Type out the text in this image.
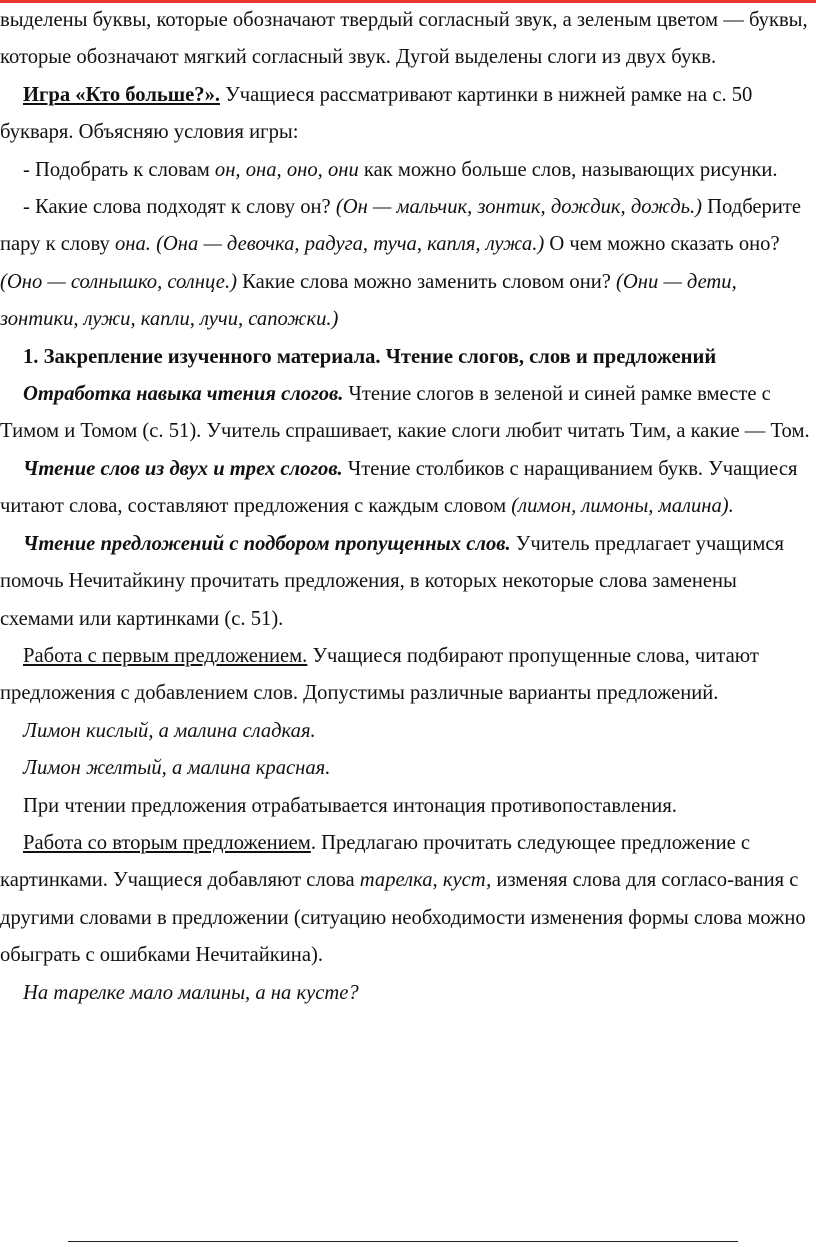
выделены буквы, которые обозначают твердый согласный звук, а зеленым цветом — буквы, которые обозначают мягкий согласный звук. Дугой выделены слоги из двух букв.

Игра «Кто больше?». Учащиеся рассматривают картинки в нижней рамке на с. 50 букваря. Объясняю условия игры:

- Подобрать к словам он, она, оно, они как можно больше слов, называющих рисунки.

- Какие слова подходят к слову он? (Он — мальчик, зонтик, дождик, дождь.) Подберите пару к слову она. (Она — девочка, радуга, туча, капля, лужа.) О чем можно сказать оно? (Оно — солнышко, солнце.) Какие слова можно заменить словом они? (Они — дети, зонтики, лужи, капли, лучи, сапожки.)

1. Закрепление изученного материала. Чтение слогов, слов и предложений

Отработка навыка чтения слогов. Чтение слогов в зеленой и синей рамке вместе с Тимом и Томом (с. 51). Учитель спрашивает, какие слоги любит читать Тим, а какие — Том.

Чтение слов из двух и трех слогов. Чтение столбиков с наращиванием букв. Учащиеся читают слова, составляют предложения с каждым словом (лимон, лимоны, малина).

Чтение предложений с подбором пропущенных слов. Учитель предлагает учащимся помочь Нечитайкину прочитать предложения, в которых некоторые слова заменены схемами или картинками (с. 51).

Работа с первым предложением. Учащиеся подбирают пропущенные слова, читают предложения с добавлением слов. Допустимы различные варианты предложений.

Лимон кислый, а малина сладкая.

Лимон желтый, а малина красная.

При чтении предложения отрабатывается интонация противопоставления.

Работа со вторым предложением. Предлагаю прочитать следующее предложение с картинками. Учащиеся добавляют слова тарелка, куст, изменяя слова для согласо-вания с другими словами в предложении (ситуацию необходимости изменения формы слова можно обыграть с ошибками Нечитайкина).

На тарелке мало малины, а на кусте?
